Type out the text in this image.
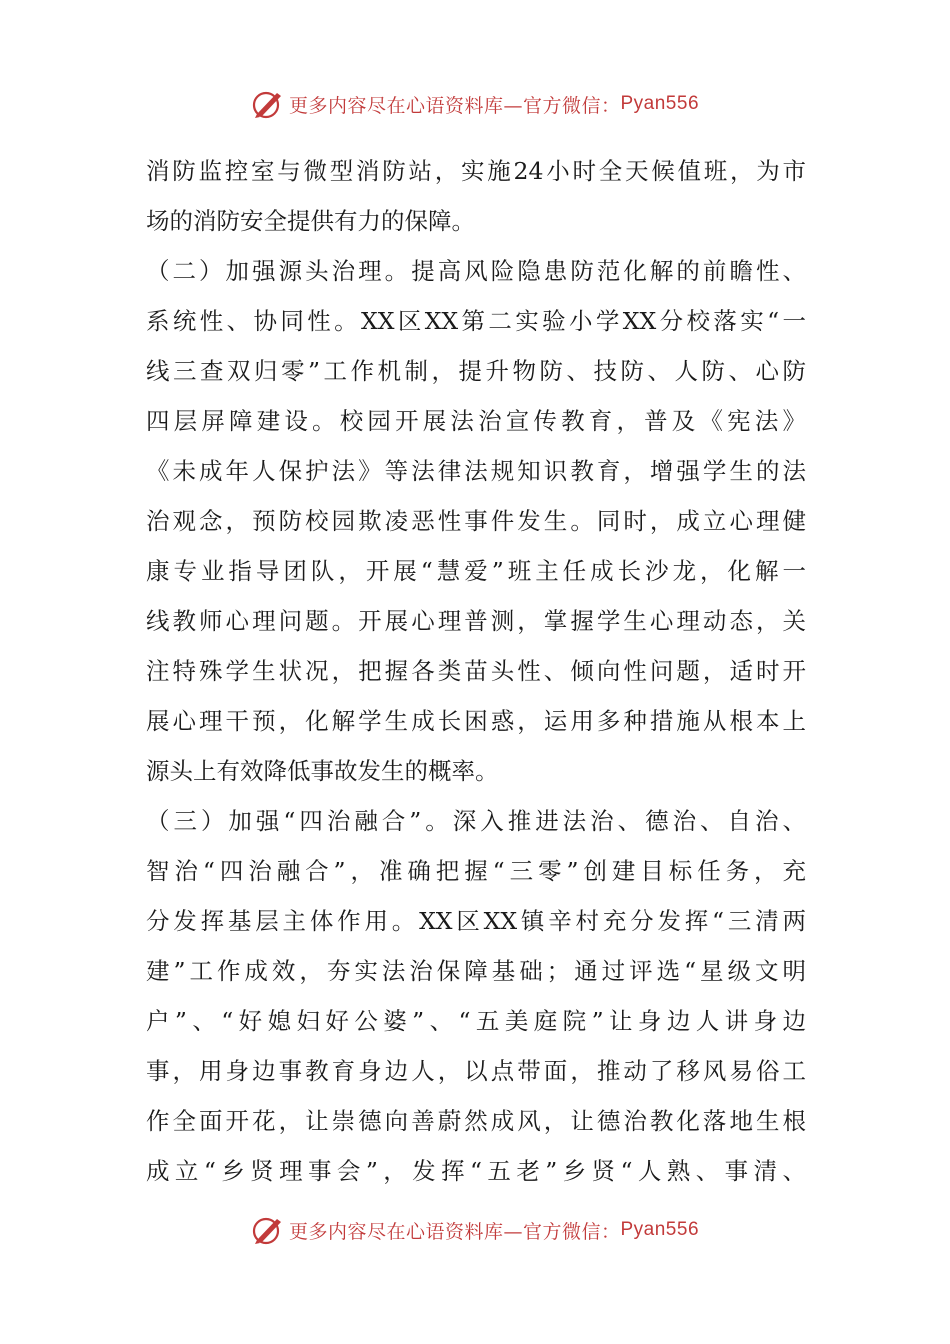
更多内容尽在心语资料库—官方微信： Pyan556
消防监控室与微型消防站，实施24小时全天候值班，为市
场的消防安全提供有力的保障。
（二）加强源头治理。提高风险隐患防范化解的前瞻性、
系统性、协同性。XX区XX第二实验小学XX分校落实“一
线三查双归零”工作机制，提升物防、技防、人防、心防
四层屏障建设。校园开展法治宣传教育，普及《宪法》
《未成年人保护法》等法律法规知识教育，增强学生的法
治观念，预防校园欺凌恶性事件发生。同时，成立心理健
康专业指导团队，开展“慧爱”班主任成长沙龙，化解一
线教师心理问题。开展心理普测，掌握学生心理动态，关
注特殊学生状况，把握各类苗头性、倾向性问题，适时开
展心理干预，化解学生成长困惑，运用多种措施从根本上
源头上有效降低事故发生的概率。
（三）加强“四治融合”。深入推进法治、德治、自治、
智治“四治融合”，准确把握“三零”创建目标任务，充
分发挥基层主体作用。XX区XX镇辛村充分发挥“三清两
建”工作成效，夯实法治保障基础；通过评选“星级文明
户”、“好媳妇好公婆”、“五美庭院”让身边人讲身边
事，用身边事教育身边人，以点带面，推动了移风易俗工
作全面开花，让崇德向善蔚然成风，让德治教化落地生根
成立“乡贤理事会”，发挥“五老”乡贤“人熟、事清、
更多内容尽在心语资料库—官方微信： Pyan556
